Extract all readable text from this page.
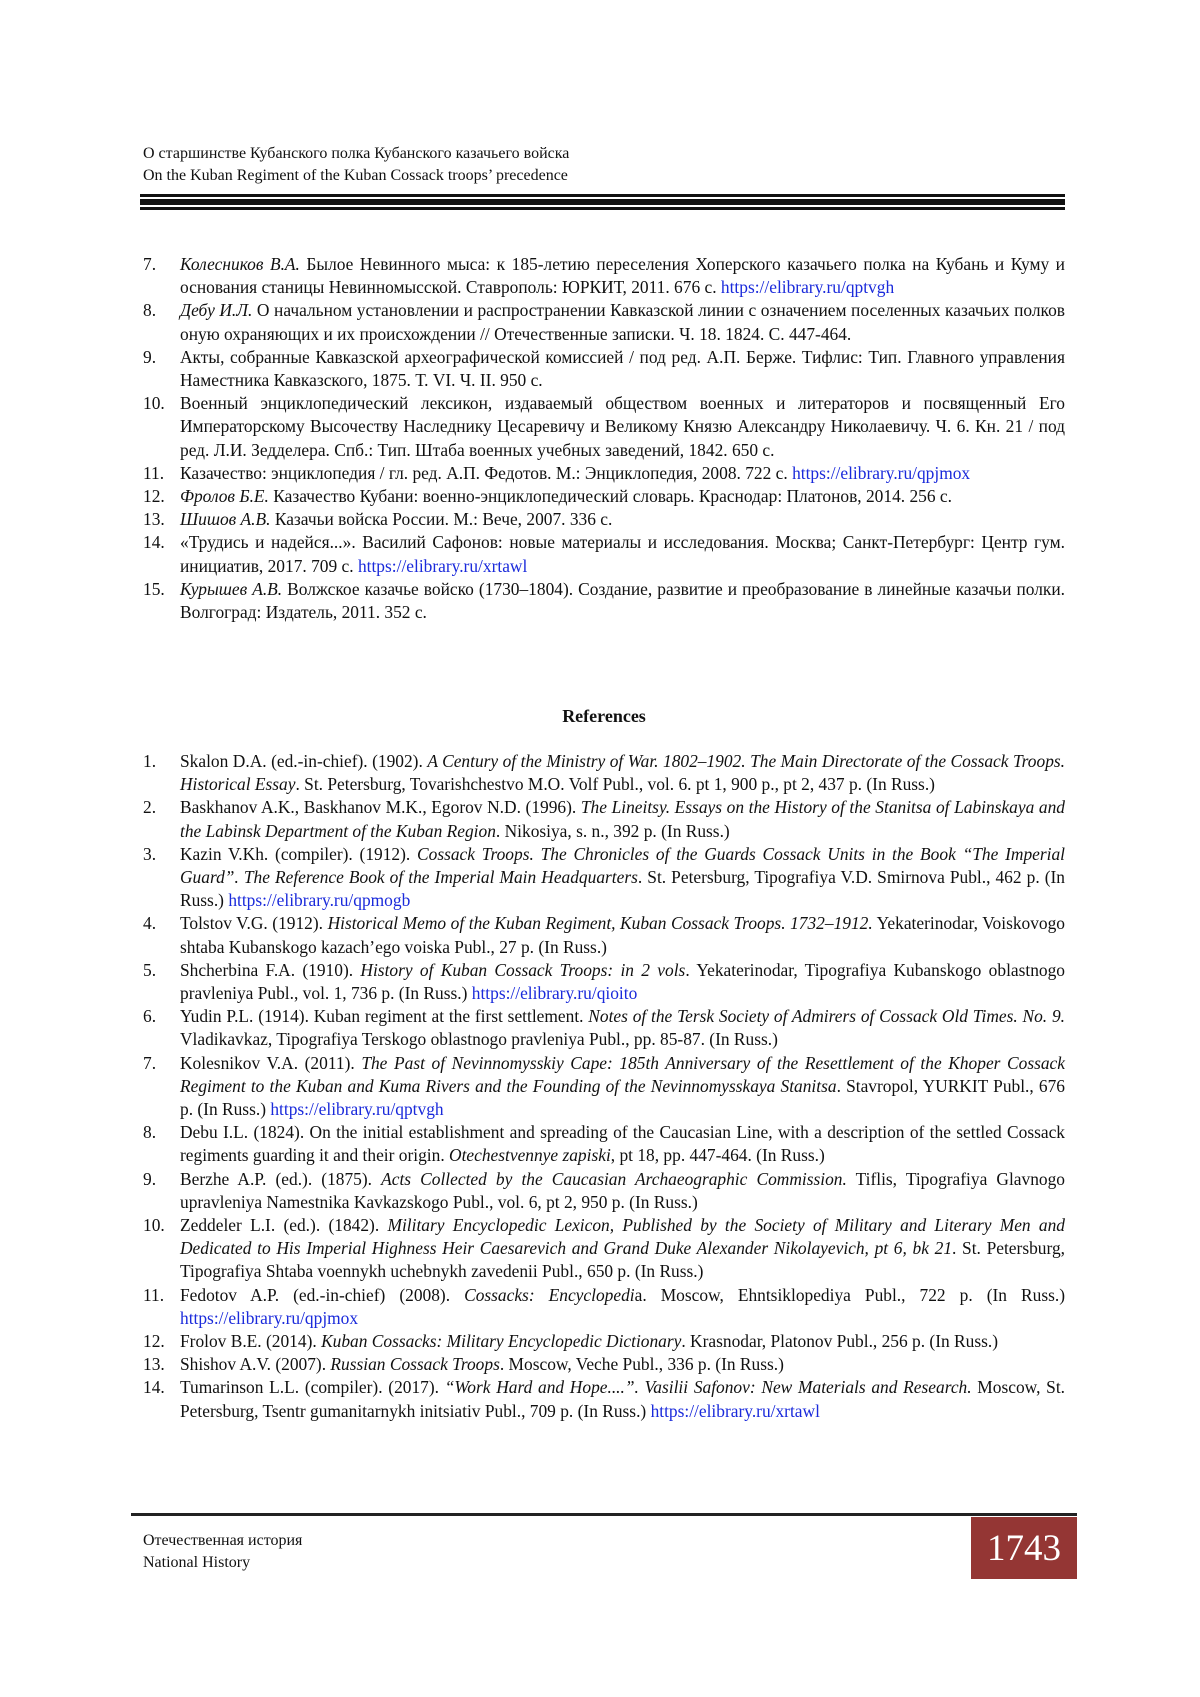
О старшинстве Кубанского полка Кубанского казачьего войска
On the Kuban Regiment of the Kuban Cossack troops’ precedence
7.	Колесников В.А. Былое Невинного мыса: к 185-летию переселения Хоперского казачьего полка на Кубань и Куму и основания станицы Невинномысской. Ставрополь: ЮРКИТ, 2011. 676 с. https://elibrary.ru/qptvgh
8.	Дебу И.Л. О начальном установлении и распространении Кавказской линии с означением поселенных казачьих полков оную охраняющих и их происхождении // Отечественные записки. Ч. 18. 1824. С. 447-464.
9.	Акты, собранные Кавказской археографической комиссией / под ред. А.П. Берже. Тифлис: Тип. Главного управления Наместника Кавказского, 1875. Т. VI. Ч. II. 950 с.
10. Военный энциклопедический лексикон, издаваемый обществом военных и литераторов и посвященный Его Императорскому Высочеству Наследнику Цесаревичу и Великому Князю Александру Николаевичу. Ч. 6. Кн. 21 / под ред. Л.И. Зедделера. Спб.: Тип. Штаба военных учебных заведений, 1842. 650 с.
11. Казачество: энциклопедия / гл. ред. А.П. Федотов. М.: Энциклопедия, 2008. 722 с. https://elibrary.ru/qpjmox
12. Фролов Б.Е. Казачество Кубани: военно-энциклопедический словарь. Краснодар: Платонов, 2014. 256 с.
13. Шишов А.В. Казачьи войска России. М.: Вече, 2007. 336 с.
14. «Трудись и надейся...». Василий Сафонов: новые материалы и исследования. Москва; Санкт-Петербург: Центр гум. инициатив, 2017. 709 с. https://elibrary.ru/xrtawl
15. Курышев А.В. Волжское казачье войско (1730–1804). Создание, развитие и преобразование в линейные казачьи полки. Волгоград: Издатель, 2011. 352 с.
References
1.	Skalon D.A. (ed.-in-chief). (1902). A Century of the Ministry of War. 1802–1902. The Main Directorate of the Cossack Troops. Historical Essay. St. Petersburg, Tovarishchestvo M.O. Volf Publ., vol. 6. pt 1, 900 p., pt 2, 437 p. (In Russ.)
2.	Baskhanov A.K., Baskhanov M.K., Egorov N.D. (1996). The Lineitsy. Essays on the History of the Stanitsa of Labinskaya and the Labinsk Department of the Kuban Region. Nikosiya, s. n., 392 p. (In Russ.)
3.	Kazin V.Kh. (compiler). (1912). Cossack Troops. The Chronicles of the Guards Cossack Units in the Book “The Imperial Guard”. The Reference Book of the Imperial Main Headquarters. St. Petersburg, Tipografiya V.D. Smirnova Publ., 462 p. (In Russ.) https://elibrary.ru/qpmogb
4.	Tolstov V.G. (1912). Historical Memo of the Kuban Regiment, Kuban Cossack Troops. 1732–1912. Yekaterinodar, Voiskovogo shtaba Kubanskogo kazach’ego voiska Publ., 27 p. (In Russ.)
5.	Shcherbina F.A. (1910). History of Kuban Cossack Troops: in 2 vols. Yekaterinodar, Tipografiya Kubanskogo oblastnogo pravleniya Publ., vol. 1, 736 p. (In Russ.) https://elibrary.ru/qioito
6.	Yudin P.L. (1914). Kuban regiment at the first settlement. Notes of the Tersk Society of Admirers of Cossack Old Times. No. 9. Vladikavkaz, Tipografiya Terskogo oblastnogo pravleniya Publ., pp. 85-87. (In Russ.)
7.	Kolesnikov V.A. (2011). The Past of Nevinnomysskiy Cape: 185th Anniversary of the Resettlement of the Khoper Cossack Regiment to the Kuban and Kuma Rivers and the Founding of the Nevinnomysskaya Stanitsa. Stavropol, YURKIT Publ., 676 p. (In Russ.) https://elibrary.ru/qptvgh
8.	Debu I.L. (1824). On the initial establishment and spreading of the Caucasian Line, with a description of the settled Cossack regiments guarding it and their origin. Otechestvennye zapiski, pt 18, pp. 447-464. (In Russ.)
9.	Berzhe A.P. (ed.). (1875). Acts Collected by the Caucasian Archaeographic Commission. Tiflis, Tipografiya Glavnogo upravleniya Namestnika Kavkazskogo Publ., vol. 6, pt 2, 950 p. (In Russ.)
10. Zeddeler L.I. (ed.). (1842). Military Encyclopedic Lexicon, Published by the Society of Military and Literary Men and Dedicated to His Imperial Highness Heir Caesarevich and Grand Duke Alexander Nikolayevich, pt 6, bk 21. St. Petersburg, Tipografiya Shtaba voennykh uchebnykh zavedenii Publ., 650 p. (In Russ.)
11. Fedotov A.P. (ed.-in-chief) (2008). Cossacks: Encyclopedia. Moscow, Ehntsiklopediya Publ., 722 p. (In Russ.) https://elibrary.ru/qpjmox
12. Frolov B.E. (2014). Kuban Cossacks: Military Encyclopedic Dictionary. Krasnodar, Platonov Publ., 256 p. (In Russ.)
13. Shishov A.V. (2007). Russian Cossack Troops. Moscow, Veche Publ., 336 p. (In Russ.)
14. Tumarinson L.L. (compiler). (2017). “Work Hard and Hope....”. Vasilii Safonov: New Materials and Research. Moscow, St. Petersburg, Tsentr gumanitarnykh initsiativ Publ., 709 p. (In Russ.) https://elibrary.ru/xrtawl
Отечественная история
National History	1743
